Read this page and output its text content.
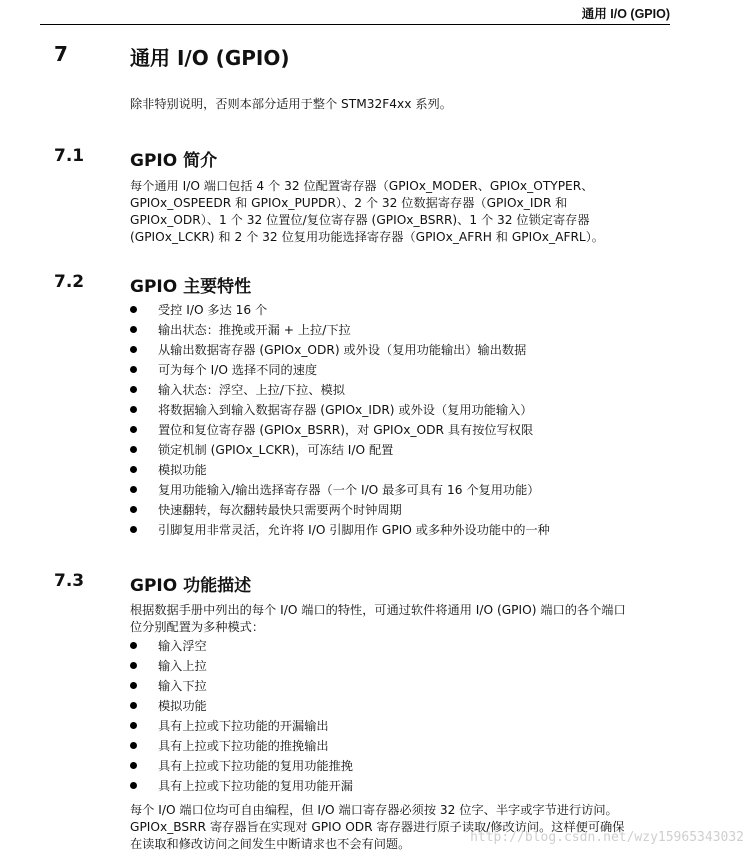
通用 I/O (GPIO)
7	通用 I/O (GPIO)
除非特别说明，否则本部分适用于整个 STM32F4xx 系列。
7.1	GPIO 简介
每个通用 I/O 端口包括 4 个 32 位配置寄存器（GPIOx_MODER、GPIOx_OTYPER、
GPIOx_OSPEEDR 和 GPIOx_PUPDR）、2 个 32 位数据寄存器（GPIOx_IDR 和
GPIOx_ODR）、1 个 32 位置位/复位寄存器 (GPIOx_BSRR)、1 个 32 位锁定寄存器
(GPIOx_LCKR) 和 2 个 32 位复用功能选择寄存器（GPIOx_AFRH 和 GPIOx_AFRL）。
7.2	GPIO 主要特性
受控 I/O 多达 16 个
输出状态：推挽或开漏 + 上拉/下拉
从输出数据寄存器 (GPIOx_ODR) 或外设（复用功能输出）输出数据
可为每个 I/O 选择不同的速度
输入状态：浮空、上拉/下拉、模拟
将数据输入到输入数据寄存器 (GPIOx_IDR) 或外设（复用功能输入）
置位和复位寄存器 (GPIOx_BSRR)，对 GPIOx_ODR 具有按位写权限
锁定机制 (GPIOx_LCKR)，可冻结 I/O 配置
模拟功能
复用功能输入/输出选择寄存器（一个 I/O 最多可具有 16 个复用功能）
快速翻转，每次翻转最快只需要两个时钟周期
引脚复用非常灵活，允许将 I/O 引脚用作 GPIO 或多种外设功能中的一种
7.3	GPIO 功能描述
根据数据手册中列出的每个 I/O 端口的特性，可通过软件将通用 I/O (GPIO) 端口的各个端口
位分别配置为多种模式：
输入浮空
输入上拉
输入下拉
模拟功能
具有上拉或下拉功能的开漏输出
具有上拉或下拉功能的推挽输出
具有上拉或下拉功能的复用功能推挽
具有上拉或下拉功能的复用功能开漏
每个 I/O 端口位均可自由编程，但 I/O 端口寄存器必须按 32 位字、半字或字节进行访问。
GPIOx_BSRR 寄存器旨在实现对 GPIO ODR 寄存器进行原子读取/修改访问。这样便可确保
在读取和修改访问之间发生中断请求也不会有问题。	http://blog.csdn.net/wzy15965343032
